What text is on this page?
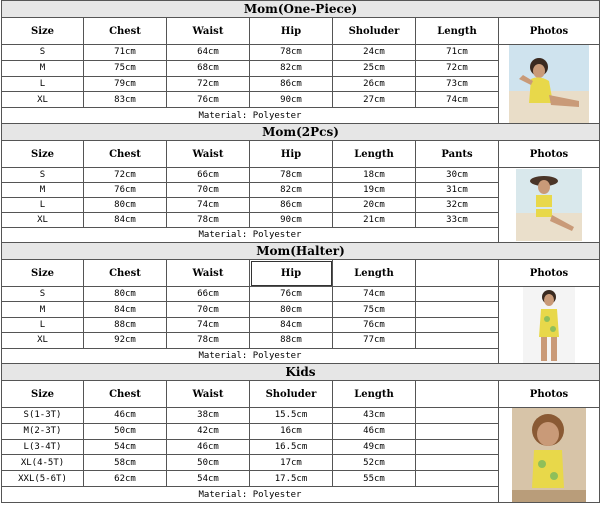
Mom(One-Piece)						
Size	Chest	Waist	Hip	Sholuder	Length	Photos
S	71cm	64cm	78cm	24cm	71cm	

M	75cm	68cm	82cm	25cm	72cm	
L	79cm	72cm	86cm	26cm	73cm	
XL	83cm	76cm	90cm	27cm	74cm	
Material: Polyester						
Mom(2Pcs)						
Size	Chest	Waist	Hip	Length	Pants	Photos
S	72cm	66cm	78cm	18cm	30cm	

M	76cm	70cm	82cm	19cm	31cm	
L	80cm	74cm	86cm	20cm	32cm	
XL	84cm	78cm	90cm	21cm	33cm	
Material: Polyester						
Mom(Halter)						
Size	Chest	Waist	Hip	Length		Photos
S	80cm	66cm	76cm	74cm		

M	84cm	70cm	80cm	75cm		
L	88cm	74cm	84cm	76cm		
XL	92cm	78cm	88cm	77cm		
Material: Polyester						
Kids						
Size	Chest	Waist	Sholuder	Length		Photos
S(1-3T)	46cm	38cm	15.5cm	43cm		

M(2-3T)	50cm	42cm	16cm	46cm		
L(3-4T)	54cm	46cm	16.5cm	49cm		
XL(4-5T)	58cm	50cm	17cm	52cm		
XXL(5-6T)	62cm	54cm	17.5cm	55cm		
Material: Polyester						
